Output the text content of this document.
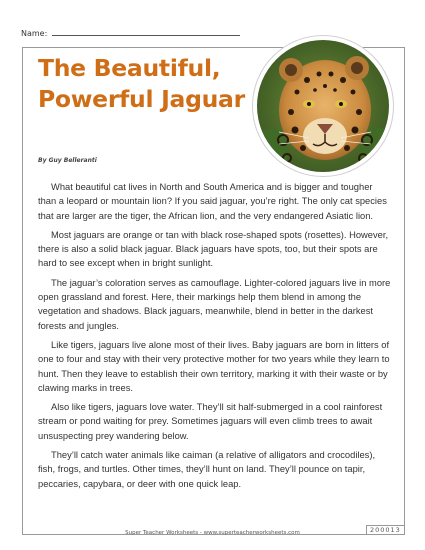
Name:
The Beautiful, Powerful Jaguar
By Guy Belleranti

What beautiful cat lives in North and South America and is bigger and tougher than a leopard or mountain lion? If you said jaguar, you’re right. The only cat species that are larger are the tiger, the African lion, and the very endangered Asiatic lion.

Most jaguars are orange or tan with black rose-shaped spots (rosettes). However, there is also a solid black jaguar. Black jaguars have spots, too, but their spots are hard to see except when in bright sunlight.

The jaguar’s coloration serves as camouflage. Lighter-colored jaguars live in more open grassland and forest. Here, their markings help them blend in among the vegetation and shadows. Black jaguars, meanwhile, blend in better in the darkest forests and jungles.

Like tigers, jaguars live alone most of their lives. Baby jaguars are born in litters of one to four and stay with their very protective mother for two years while they learn to hunt. Then they leave to establish their own territory, marking it with their waste or by clawing marks in trees.

Also like tigers, jaguars love water. They’ll sit half-submerged in a cool rainforest stream or pond waiting for prey. Sometimes jaguars will even climb trees to await unsuspecting prey wandering below.

They’ll catch water animals like caiman (a relative of alligators and crocodiles), fish, frogs, and turtles. Other times, they’ll hunt on land. They’ll pounce on tapir, peccaries, capybara, or deer with one quick leap.

Super Teacher Worksheets - www.superteacherworksheets.com	200013
